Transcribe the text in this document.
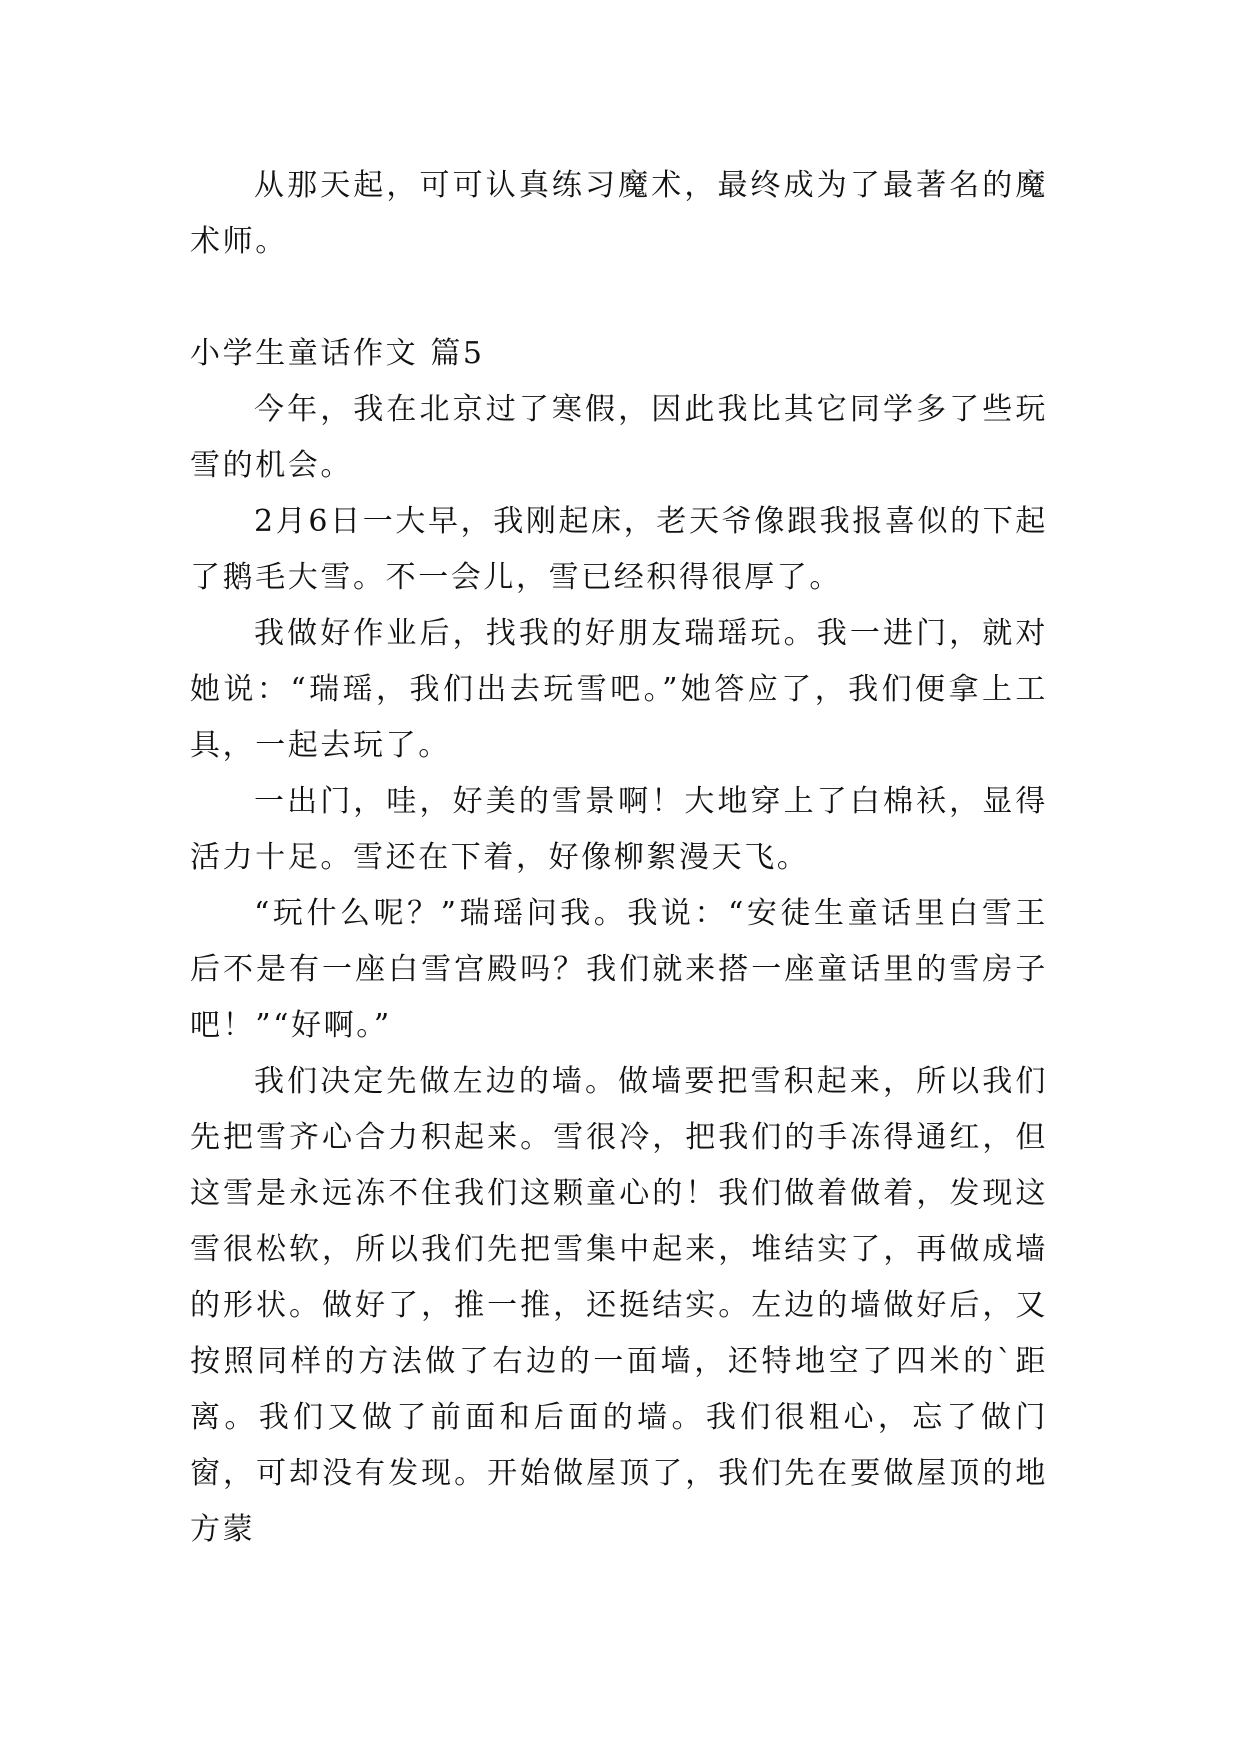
从那天起，可可认真练习魔术，最终成为了最著名的魔术师。

小学生童话作文 篇5

今年，我在北京过了寒假，因此我比其它同学多了些玩雪的机会。

2月6日一大早，我刚起床，老天爷像跟我报喜似的下起了鹅毛大雪。不一会儿，雪已经积得很厚了。

我做好作业后，找我的好朋友瑞瑶玩。我一进门，就对她说：“瑞瑶，我们出去玩雪吧。”她答应了，我们便拿上工具，一起去玩了。

一出门，哇，好美的雪景啊！大地穿上了白棉袄，显得活力十足。雪还在下着，好像柳絮漫天飞。

“玩什么呢？”瑞瑶问我。我说：“安徒生童话里白雪王后不是有一座白雪宫殿吗？我们就来搭一座童话里的雪房子吧！”“好啊。”

我们决定先做左边的墙。做墙要把雪积起来，所以我们先把雪齐心合力积起来。雪很冷，把我们的手冻得通红，但这雪是永远冻不住我们这颗童心的！我们做着做着，发现这雪很松软，所以我们先把雪集中起来，堆结实了，再做成墙的形状。做好了，推一推，还挺结实。左边的墙做好后，又按照同样的方法做了右边的一面墙，还特地空了四米的`距离。我们又做了前面和后面的墙。我们很粗心，忘了做门窗，可却没有发现。开始做屋顶了，我们先在要做屋顶的地方蒙
